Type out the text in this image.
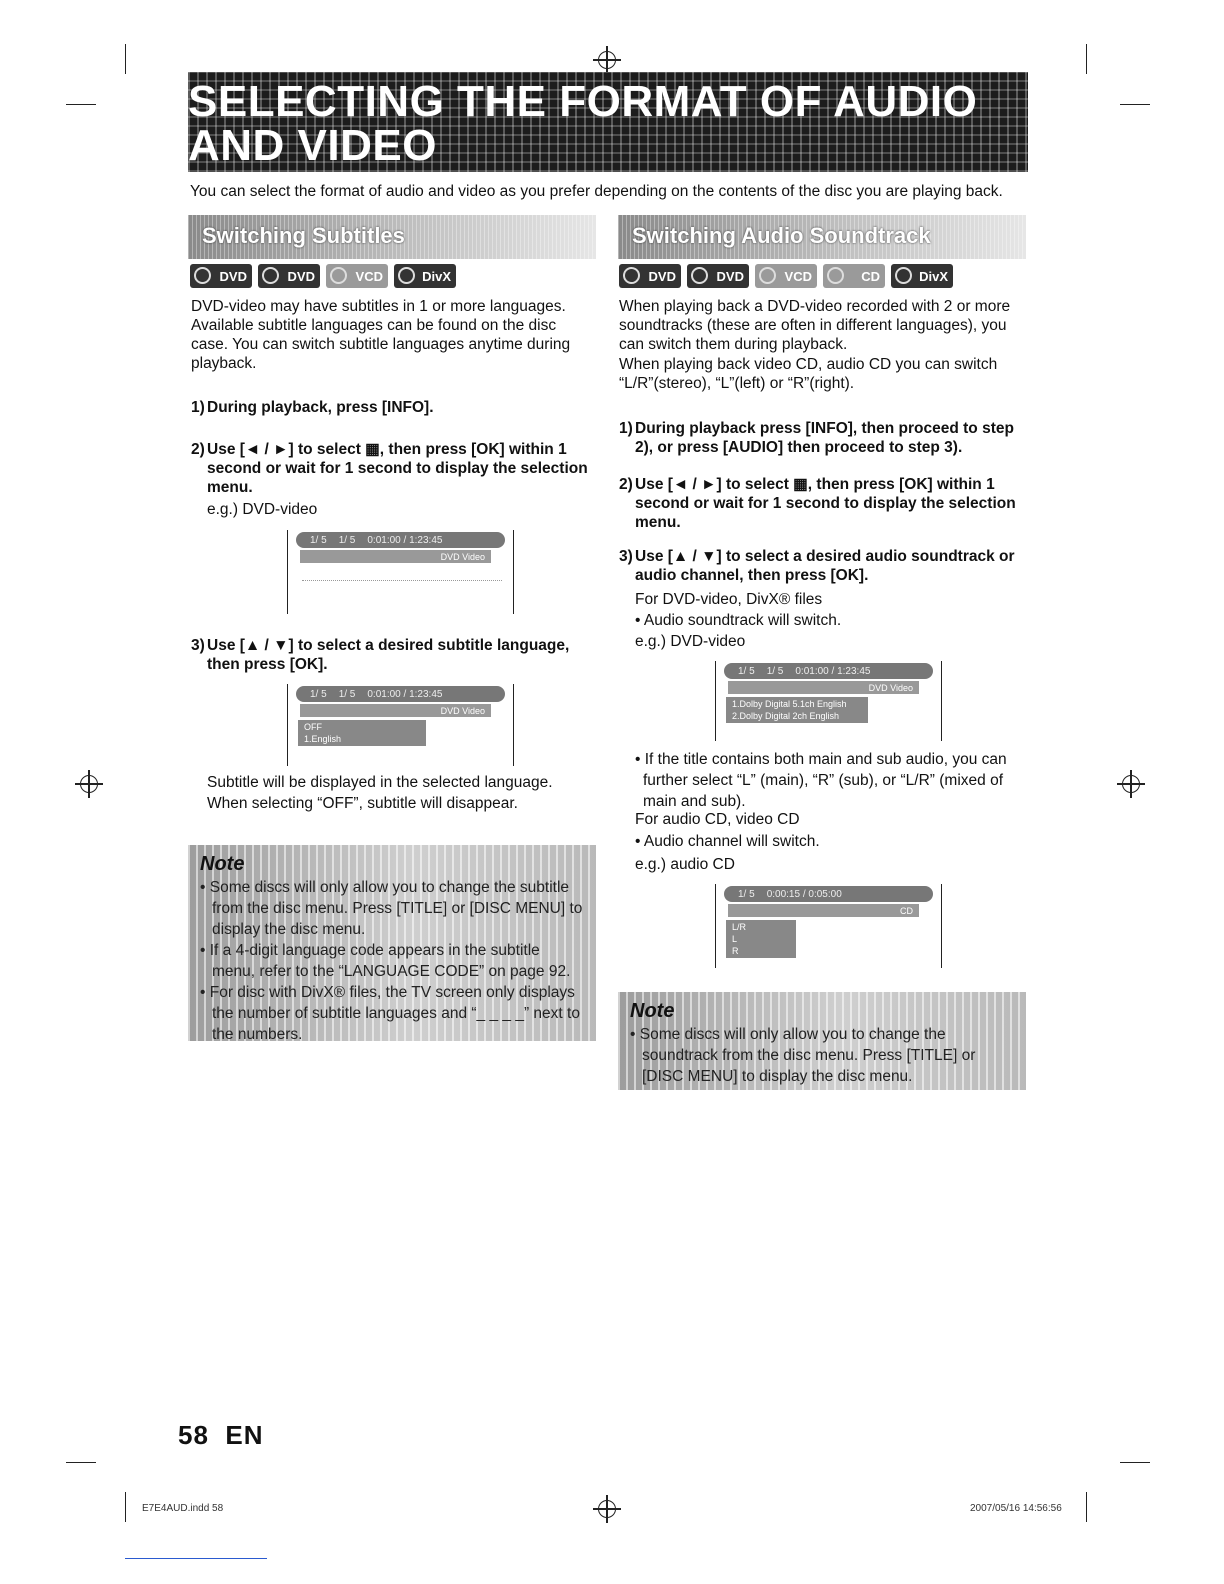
SELECTING THE FORMAT OF AUDIO AND VIDEO
You can select the format of audio and video as you prefer depending on the contents of the disc you are playing back.
Switching Subtitles
DVD	DVD	VCD	DivX
DVD-video may have subtitles in 1 or more languages. Available subtitle languages can be found on the disc case. You can switch subtitle languages anytime during playback.
1) During playback, press [INFO].
2) Use [◄ / ►] to select ▦, then press [OK] within 1 second or wait for 1 second to display the selection menu.
e.g.) DVD-video
1/ 5 1/ 5 0:01:00 / 1:23:45
DVD Video
3) Use [▲ / ▼] to select a desired subtitle language, then press [OK].
1/ 5 1/ 5 0:01:00 / 1:23:45
DVD Video
OFF
1.English
Subtitle will be displayed in the selected language. When selecting “OFF”, subtitle will disappear.
Note
• Some discs will only allow you to change the subtitle from the disc menu. Press [TITLE] or [DISC MENU] to display the disc menu.
• If a 4-digit language code appears in the subtitle menu, refer to the “LANGUAGE CODE” on page 92.
• For disc with DivX® files, the TV screen only displays the number of subtitle languages and “_ _ _ _” next to the numbers.
Switching Audio Soundtrack
DVD	DVD	VCD	CD	DivX
When playing back a DVD-video recorded with 2 or more soundtracks (these are often in different languages), you can switch them during playback.
When playing back video CD, audio CD you can switch “L/R”(stereo), “L”(left) or “R”(right).
1) During playback press [INFO], then proceed to step 2), or press [AUDIO] then proceed to step 3).
2) Use [◄ / ►] to select ▦, then press [OK] within 1 second or wait for 1 second to display the selection menu.
3) Use [▲ / ▼] to select a desired audio soundtrack or audio channel, then press [OK].
For DVD-video, DivX® files
• Audio soundtrack will switch.
e.g.) DVD-video
1/ 5 1/ 5 0:01:00 / 1:23:45
DVD Video
1.Dolby Digital 5.1ch English
2.Dolby Digital 2ch English
• If the title contains both main and sub audio, you can further select “L” (main), “R” (sub), or “L/R” (mixed of main and sub).
For audio CD, video CD
• Audio channel will switch.
e.g.) audio CD
1/ 5 0:00:15 / 0:05:00
CD
L/R
L
R
Note
• Some discs will only allow you to change the soundtrack from the disc menu. Press [TITLE] or [DISC MENU] to display the disc menu.
58 EN
E7E4AUD.indd 58	2007/05/16 14:56:56
